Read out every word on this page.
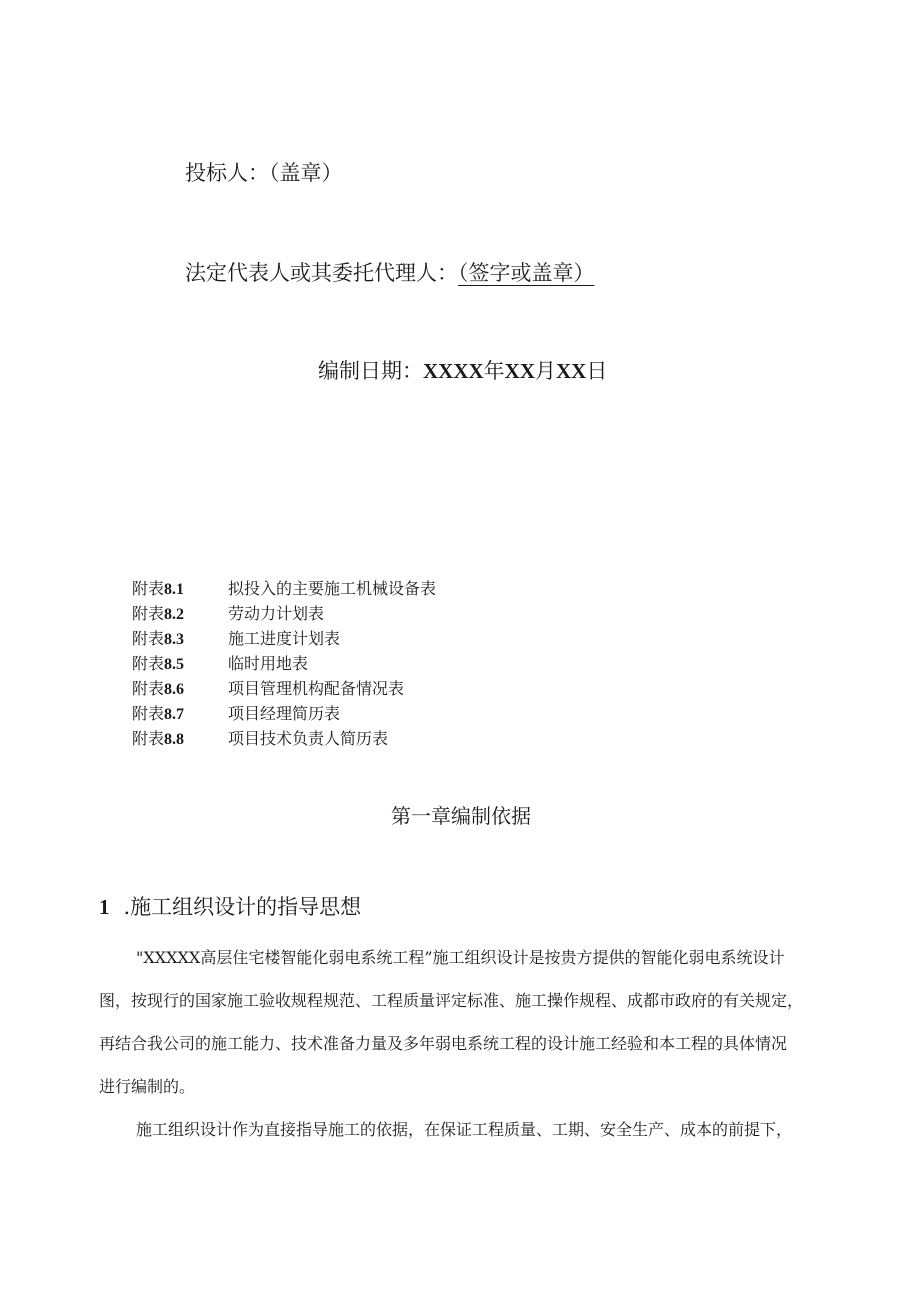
投标人：（盖章）
法定代表人或其委托代理人：（签字或盖章）
编制日期：XXXX年XX月XX日
附表8.1	拟投入的主要施工机械设备表
附表8.2	劳动力计划表
附表8.3	施工进度计划表
附表8.5	临时用地表
附表8.6	项目管理机构配备情况表
附表8.7	项目经理简历表
附表8.8	项目技术负责人简历表
第一章编制依据
1 .施工组织设计的指导思想
"XXXXX高层住宅楼智能化弱电系统工程”施工组织设计是按贵方提供的智能化弱电系统设计
图，按现行的国家施工验收规程规范、工程质量评定标准、施工操作规程、成都市政府的有关规定，
再结合我公司的施工能力、技术准备力量及多年弱电系统工程的设计施工经验和本工程的具体情况
进行编制的。
施工组织设计作为直接指导施工的依据，在保证工程质量、工期、安全生产、成本的前提下，
